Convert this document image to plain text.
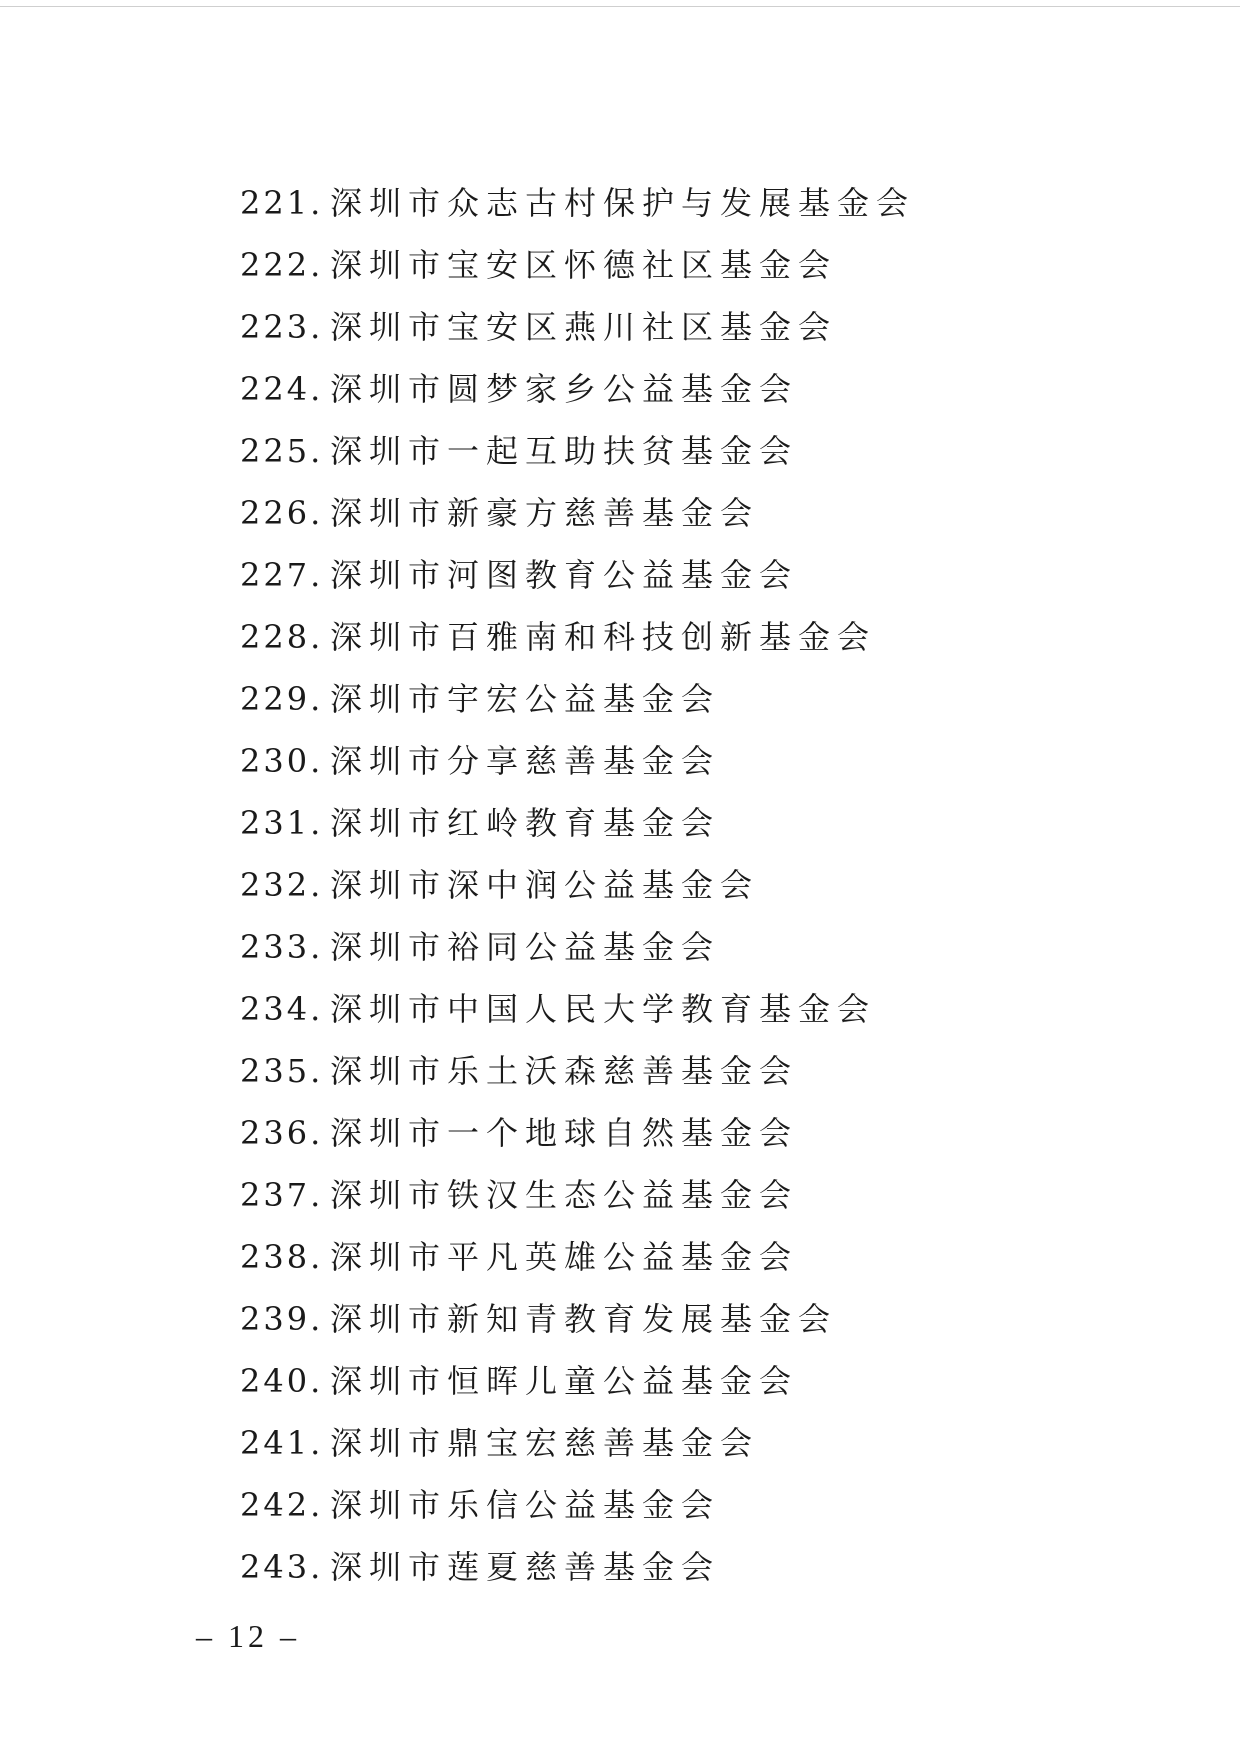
221. 深圳市众志古村保护与发展基金会
222. 深圳市宝安区怀德社区基金会
223. 深圳市宝安区燕川社区基金会
224. 深圳市圆梦家乡公益基金会
225. 深圳市一起互助扶贫基金会
226. 深圳市新豪方慈善基金会
227. 深圳市河图教育公益基金会
228. 深圳市百雅南和科技创新基金会
229. 深圳市宇宏公益基金会
230. 深圳市分享慈善基金会
231. 深圳市红岭教育基金会
232. 深圳市深中润公益基金会
233. 深圳市裕同公益基金会
234. 深圳市中国人民大学教育基金会
235. 深圳市乐土沃森慈善基金会
236. 深圳市一个地球自然基金会
237. 深圳市铁汉生态公益基金会
238. 深圳市平凡英雄公益基金会
239. 深圳市新知青教育发展基金会
240. 深圳市恒晖儿童公益基金会
241. 深圳市鼎宝宏慈善基金会
242. 深圳市乐信公益基金会
243. 深圳市莲夏慈善基金会
– 12 –
